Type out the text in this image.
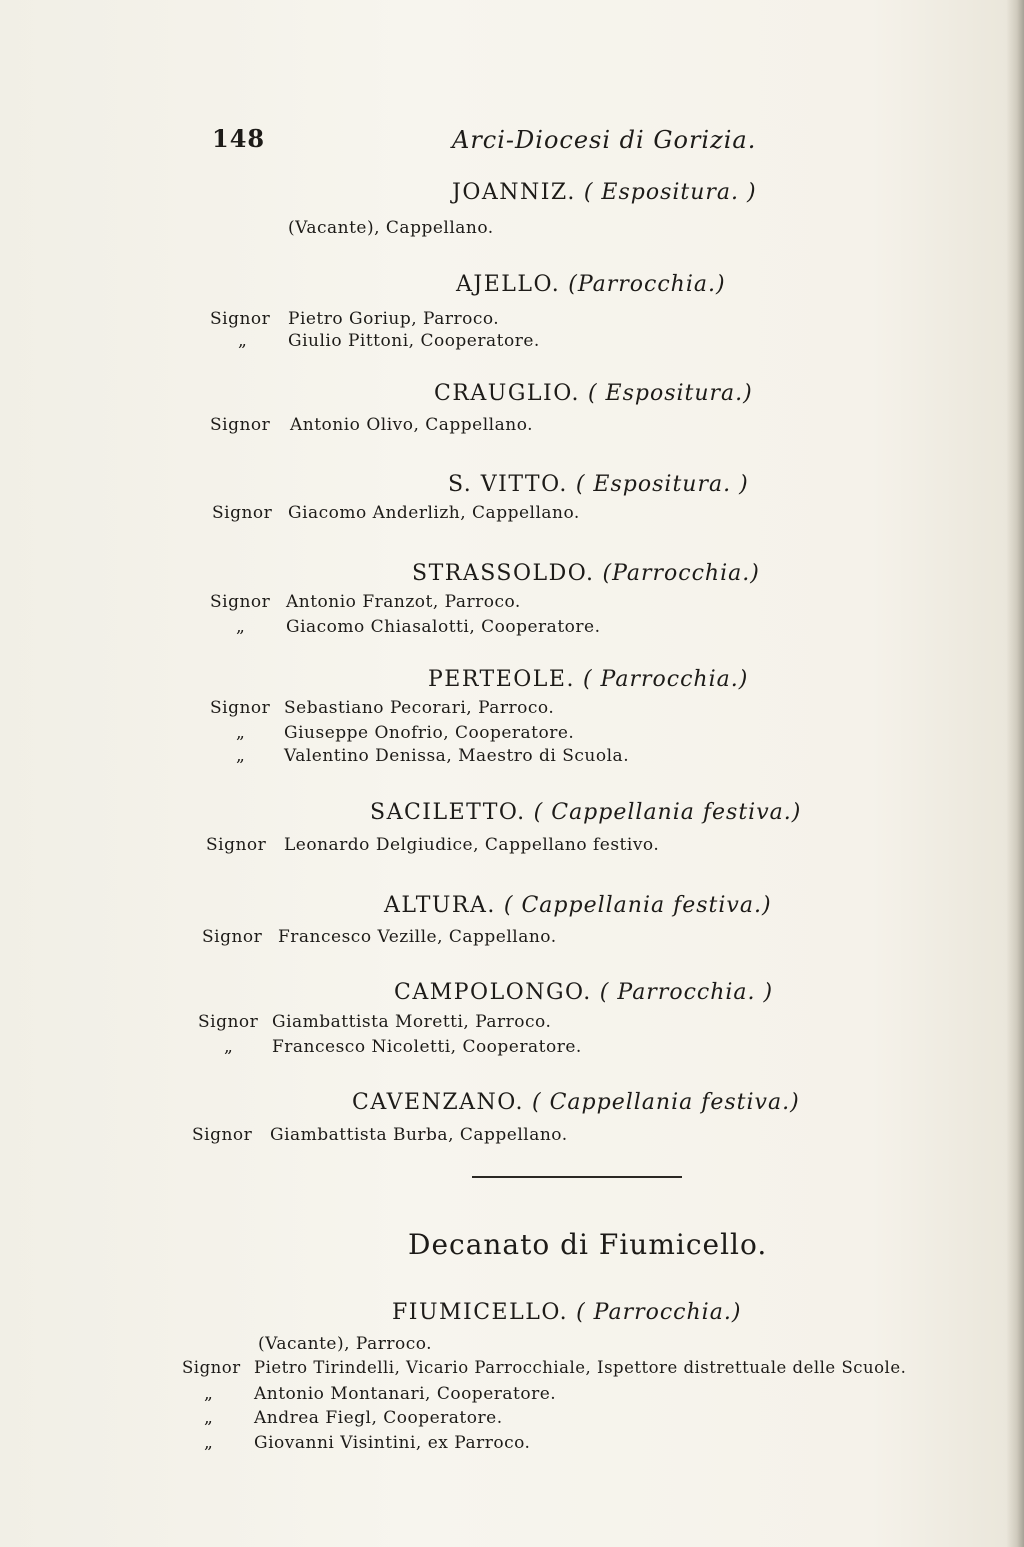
148	Arci-Diocesi di Gorizia.
JOANNIZ. ( Espositura. )
(Vacante), Cappellano.
AJELLO. (Parrocchia.)
Signor Pietro Goriup, Parroco.
„ Giulio Pittoni, Cooperatore.
CRAUGLIO. ( Espositura.)
Signor Antonio Olivo, Cappellano.
S. VITTO. ( Espositura. )
Signor Giacomo Anderlizh, Cappellano.
STRASSOLDO. (Parrocchia.)
Signor Antonio Franzot, Parroco.
„ Giacomo Chiasalotti, Cooperatore.
PERTEOLE. ( Parrocchia.)
Signor Sebastiano Pecorari, Parroco.
„ Giuseppe Onofrio, Cooperatore.
„ Valentino Denissa, Maestro di Scuola.
SACILETTO. ( Cappellania festiva.)
Signor Leonardo Delgiudice, Cappellano festivo.
ALTURA. ( Cappellania festiva.)
Signor Francesco Vezille, Cappellano.
CAMPOLONGO. ( Parrocchia. )
Signor Giambattista Moretti, Parroco.
„ Francesco Nicoletti, Cooperatore.
CAVENZANO. ( Cappellania festiva.)
Signor Giambattista Burba, Cappellano.
Decanato di Fiumicello.
FIUMICELLO. ( Parrocchia.)
(Vacante), Parroco.
Signor Pietro Tirindelli, Vicario Parrocchiale, Ispettore distrettuale delle Scuole.
„ Antonio Montanari, Cooperatore.
„ Andrea Fiegl, Cooperatore.
„ Giovanni Visintini, ex Parroco.
